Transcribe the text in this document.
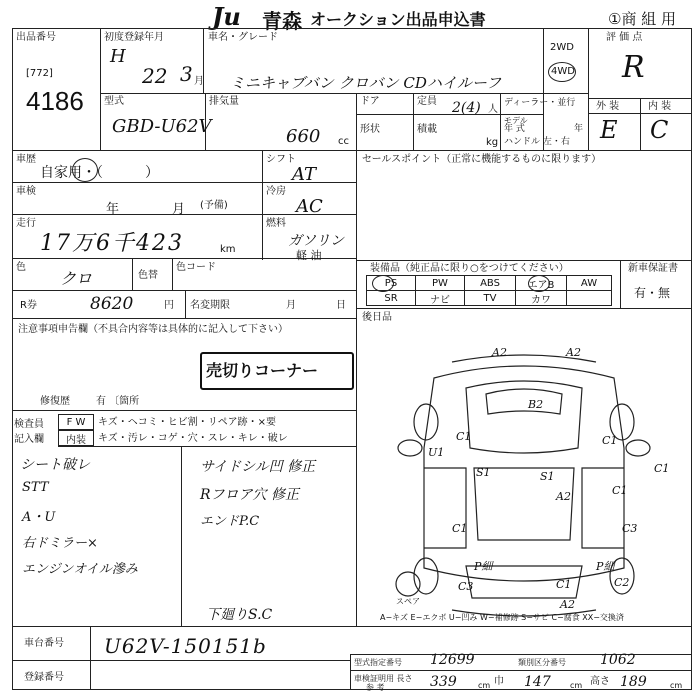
Ju 青森 オークション出品申込書	①商 組 用
出品番号
[772]
4186
初度登録年月
H
22 3 月
車名・グレード
ミニキャブバン クロバン CDハイルーフ
2WD
4WD
評 価 点
R
型式
GBD-U62V
排気量
660 cc
ドア	定員 2(4) 人
ディーラー・並行
モデル
年 式	年
ハンドル 左・右
形状	積載
kg
外 装	内 装
E C
車歴
自家用・（　　　）
シフト
AT
車検
年	月 (予備)
冷房
AC
走行
17万6千423	km
燃料
ガソリン
軽 油
色
クロ	色替
色コード
セールスポイント（正常に機能するものに限ります）
装備品（純正品に限り○をつけてください）	新車保証書
有・無
PS	PW	ABS	エアB	AW
SR	ナビ	TV	カワ
R券	8620	円 名変期限	月	日
後日品
注意事項申告欄（不具合内容等は具体的に記入して下さい）
売切りコーナー
修復歴	有 〔箇所
検査員
記入欄
F W	キズ・ヘコミ・ヒビ割・リペア跡・×要
内装	キズ・汚レ・コゲ・穴・スレ・キレ・破レ
シート破レ
STT
A・U
右ドミラー×
エンジンオイル滲み
サイドシル凹 修正
Rフロア穴 修正
エンドP.C
下廻りS.C
A2	A2
B2
C1	C1
U1
S1	S1
A2	C1
C1
C1	C3
P細
C3
P細
C1
A2
C2
スペア
A−キズ E−エクボ U−凹み W−補修跡 S−サビ C−腐食 XX−交換済
車台番号 U62V-150151b
登録番号
型式指定番号 12699	類別区分番号 1062
車検証明用 長さ
参 考	339	cm 巾 147 cm 高さ 189	cm
